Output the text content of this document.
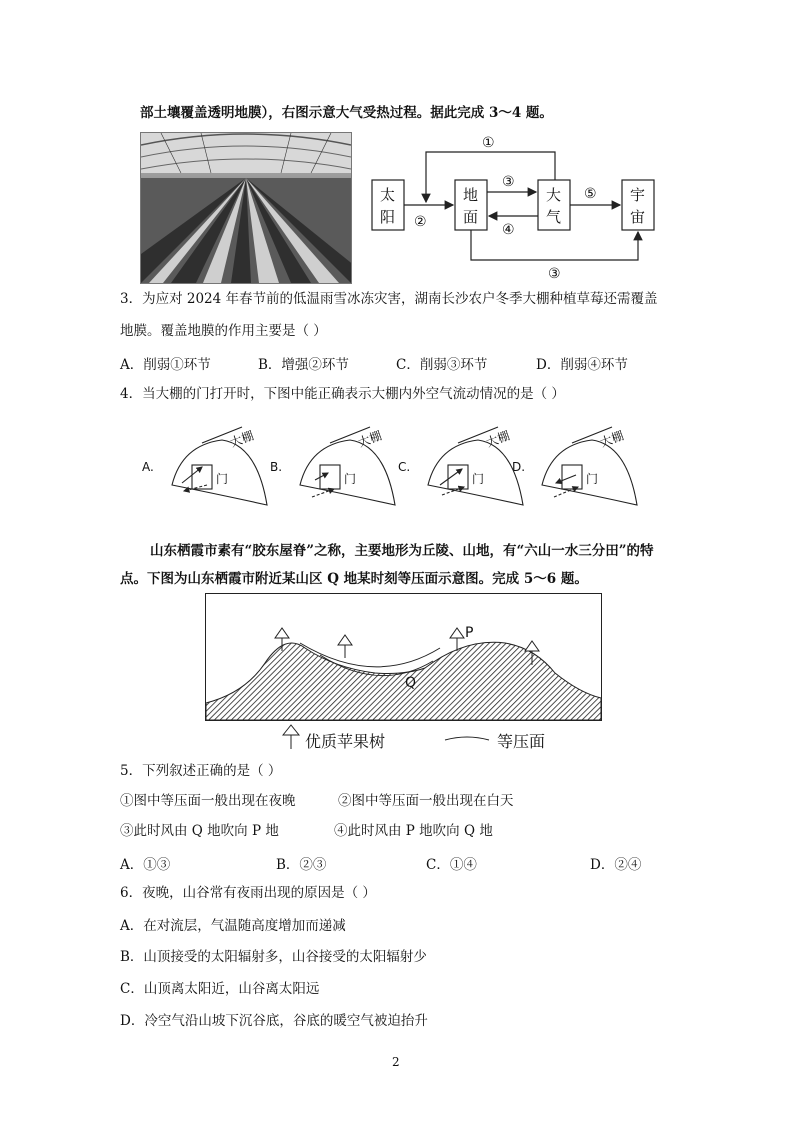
部土壤覆盖透明地膜），右图示意大气受热过程。据此完成 3～4 题。
太
阳
地
面
大
气
宇
宙
①
②
③
④
⑤
③
3．为应对 2024 年春节前的低温雨雪冰冻灾害，湖南长沙农户冬季大棚种植草莓还需覆盖
地膜。覆盖地膜的作用主要是（ ）
A．削弱①环节	B．增强②环节	C．削弱③环节	D．削弱④环节
4．当大棚的门打开时，下图中能正确表示大棚内外空气流动情况的是（ ）
A.	B.	C.	D.
大棚
门
大棚
门
大棚
门
大棚
门
山东栖霞市素有“胶东屋脊”之称，主要地形为丘陵、山地，有“六山一水三分田”的特
点。下图为山东栖霞市附近某山区 Q 地某时刻等压面示意图。完成 5～6 题。
P
Q
优质苹果树	等压面
5．下列叙述正确的是（ ）
①图中等压面一般出现在夜晚	②图中等压面一般出现在白天
③此时风由 Q 地吹向 P 地	④此时风由 P 地吹向 Q 地
A．①③	B．②③	C．①④	D．②④
6．夜晚，山谷常有夜雨出现的原因是（ ）
A．在对流层，气温随高度增加而递减
B．山顶接受的太阳辐射多，山谷接受的太阳辐射少
C．山顶离太阳近，山谷离太阳远
D．冷空气沿山坡下沉谷底，谷底的暖空气被迫抬升
2
